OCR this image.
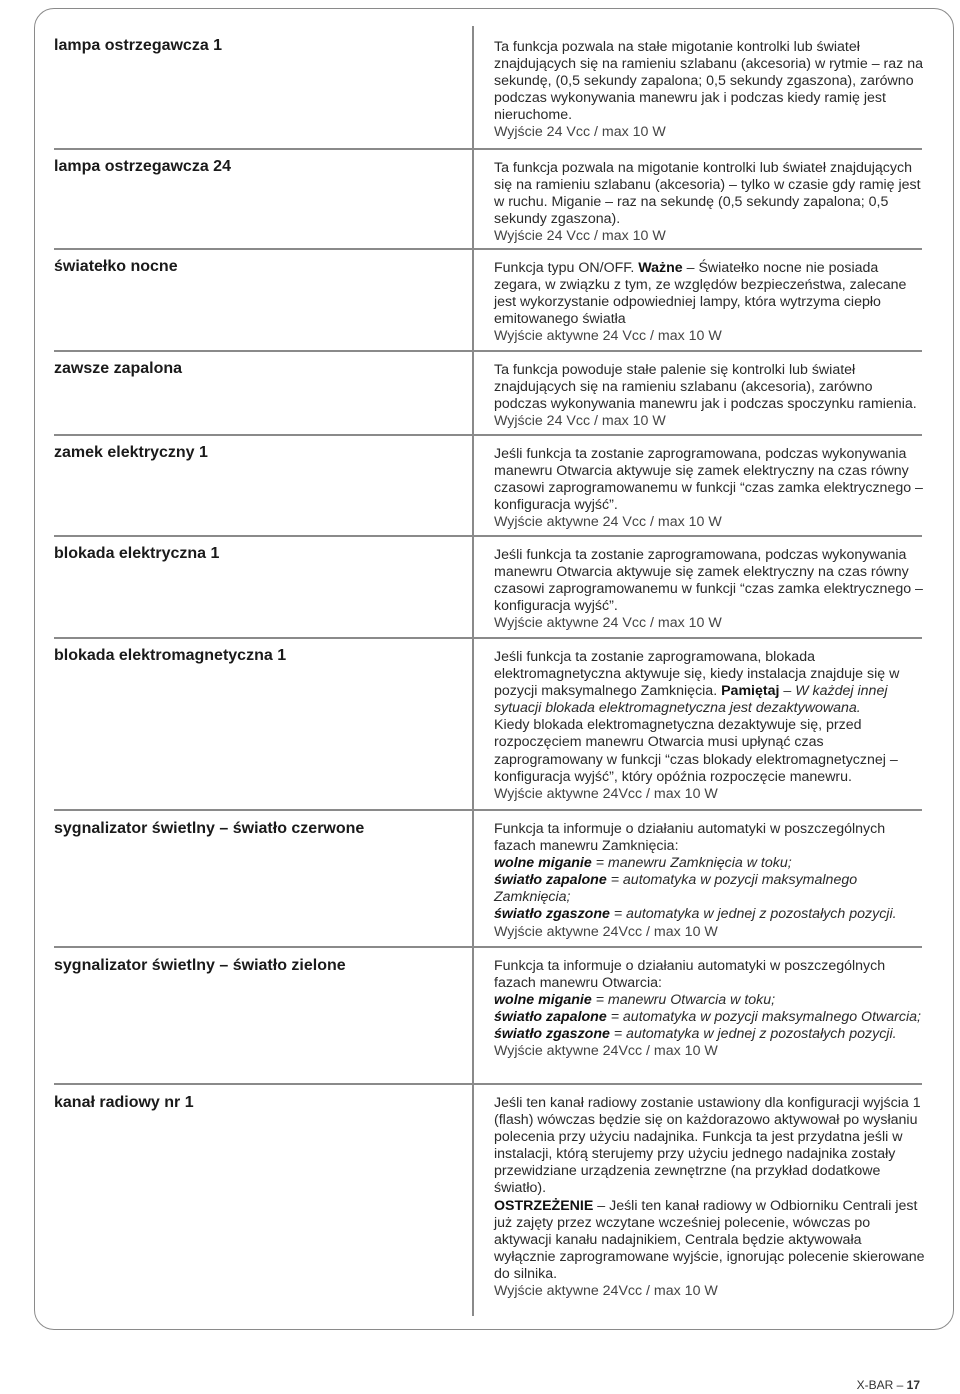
lampa ostrzegawcza 1	Ta funkcja pozwala na stałe migotanie kontrolki lub świateł znajdujących się na ramieniu szlabanu (akcesoria) w rytmie – raz na sekundę, (0,5 sekundy zapalona; 0,5 sekundy zgaszona), zarówno podczas wykonywania manewru jak i podczas kiedy ramię jest nieruchome.

Wyjście 24 Vcc / max 10 W

lampa ostrzegawcza 24	Ta funkcja pozwala na migotanie kontrolki lub świateł znajdujących się na ramieniu szlabanu (akcesoria) – tylko w czasie gdy ramię jest w ruchu. Miganie – raz na sekundę (0,5 sekundy zapalona; 0,5 sekundy zgaszona).

Wyjście 24 Vcc / max 10 W

światełko nocne	Funkcja typu ON/OFF. Ważne – Światełko nocne nie posiada zegara, w związku z tym, ze względów bezpieczeństwa, zalecane jest wykorzystanie odpowiedniej lampy, która wytrzyma ciepło emitowanego światła

Wyjście aktywne 24 Vcc / max 10 W

zawsze zapalona	Ta funkcja powoduje stałe palenie się kontrolki lub świateł znajdujących się na ramieniu szlabanu (akcesoria), zarówno podczas wykonywania manewru jak i podczas spoczynku ramienia.

Wyjście 24 Vcc / max 10 W

zamek elektryczny 1	Jeśli funkcja ta zostanie zaprogramowana, podczas wykonywania manewru Otwarcia aktywuje się zamek elektryczny na czas równy czasowi zaprogramowanemu w funkcji “czas zamka elektrycznego – konfiguracja wyjść”.

Wyjście aktywne 24 Vcc / max 10 W

blokada elektryczna 1	Jeśli funkcja ta zostanie zaprogramowana, podczas wykonywania manewru Otwarcia aktywuje się zamek elektryczny na czas równy czasowi zaprogramowanemu w funkcji “czas zamka elektrycznego – konfiguracja wyjść”.

Wyjście aktywne 24 Vcc / max 10 W

blokada elektromagnetyczna 1	Jeśli funkcja ta zostanie zaprogramowana, blokada elektromagnetyczna aktywuje się, kiedy instalacja znajduje się w pozycji maksymalnego Zamknięcia. Pamiętaj – W każdej innej sytuacji blokada elektromagnetyczna jest dezaktywowana.

Kiedy blokada elektromagnetyczna dezaktywuje się, przed rozpoczęciem manewru Otwarcia musi upłynąć czas zaprogramowany w funkcji “czas blokady elektromagnetycznej – konfiguracja wyjść”, który opóźnia rozpoczęcie manewru.

Wyjście aktywne 24Vcc / max 10 W

sygnalizator świetlny – światło czerwone	Funkcja ta informuje o działaniu automatyki w poszczególnych fazach manewru Zamknięcia:

wolne miganie = manewru Zamknięcia w toku;

światło zapalone = automatyka w pozycji maksymalnego Zamknięcia;

światło zgaszone = automatyka w jednej z pozostałych pozycji.

Wyjście aktywne 24Vcc / max 10 W

sygnalizator świetlny – światło zielone	Funkcja ta informuje o działaniu automatyki w poszczególnych fazach manewru Otwarcia:

wolne miganie = manewru Otwarcia w toku;

światło zapalone = automatyka w pozycji maksymalnego Otwarcia;

światło zgaszone = automatyka w jednej z pozostałych pozycji.

Wyjście aktywne 24Vcc / max 10 W

kanał radiowy nr 1	Jeśli ten kanał radiowy zostanie ustawiony dla konfiguracji wyjścia 1 (flash) wówczas będzie się on każdorazowo aktywował po wysłaniu polecenia przy użyciu nadajnika. Funkcja ta jest przydatna jeśli w instalacji, którą sterujemy przy użyciu jednego nadajnika zostały przewidziane urządzenia zewnętrzne (na przykład dodatkowe światło).

OSTRZEŻENIE – Jeśli ten kanał radiowy w Odbiorniku Centrali jest już zajęty przez wczytane wcześniej polecenie, wówczas po aktywacji kanału nadajnikiem, Centrala będzie aktywowała wyłącznie zaprogramowane wyjście, ignorując polecenie skierowane do silnika.

Wyjście aktywne 24Vcc / max 10 W

X-BAR – 17
